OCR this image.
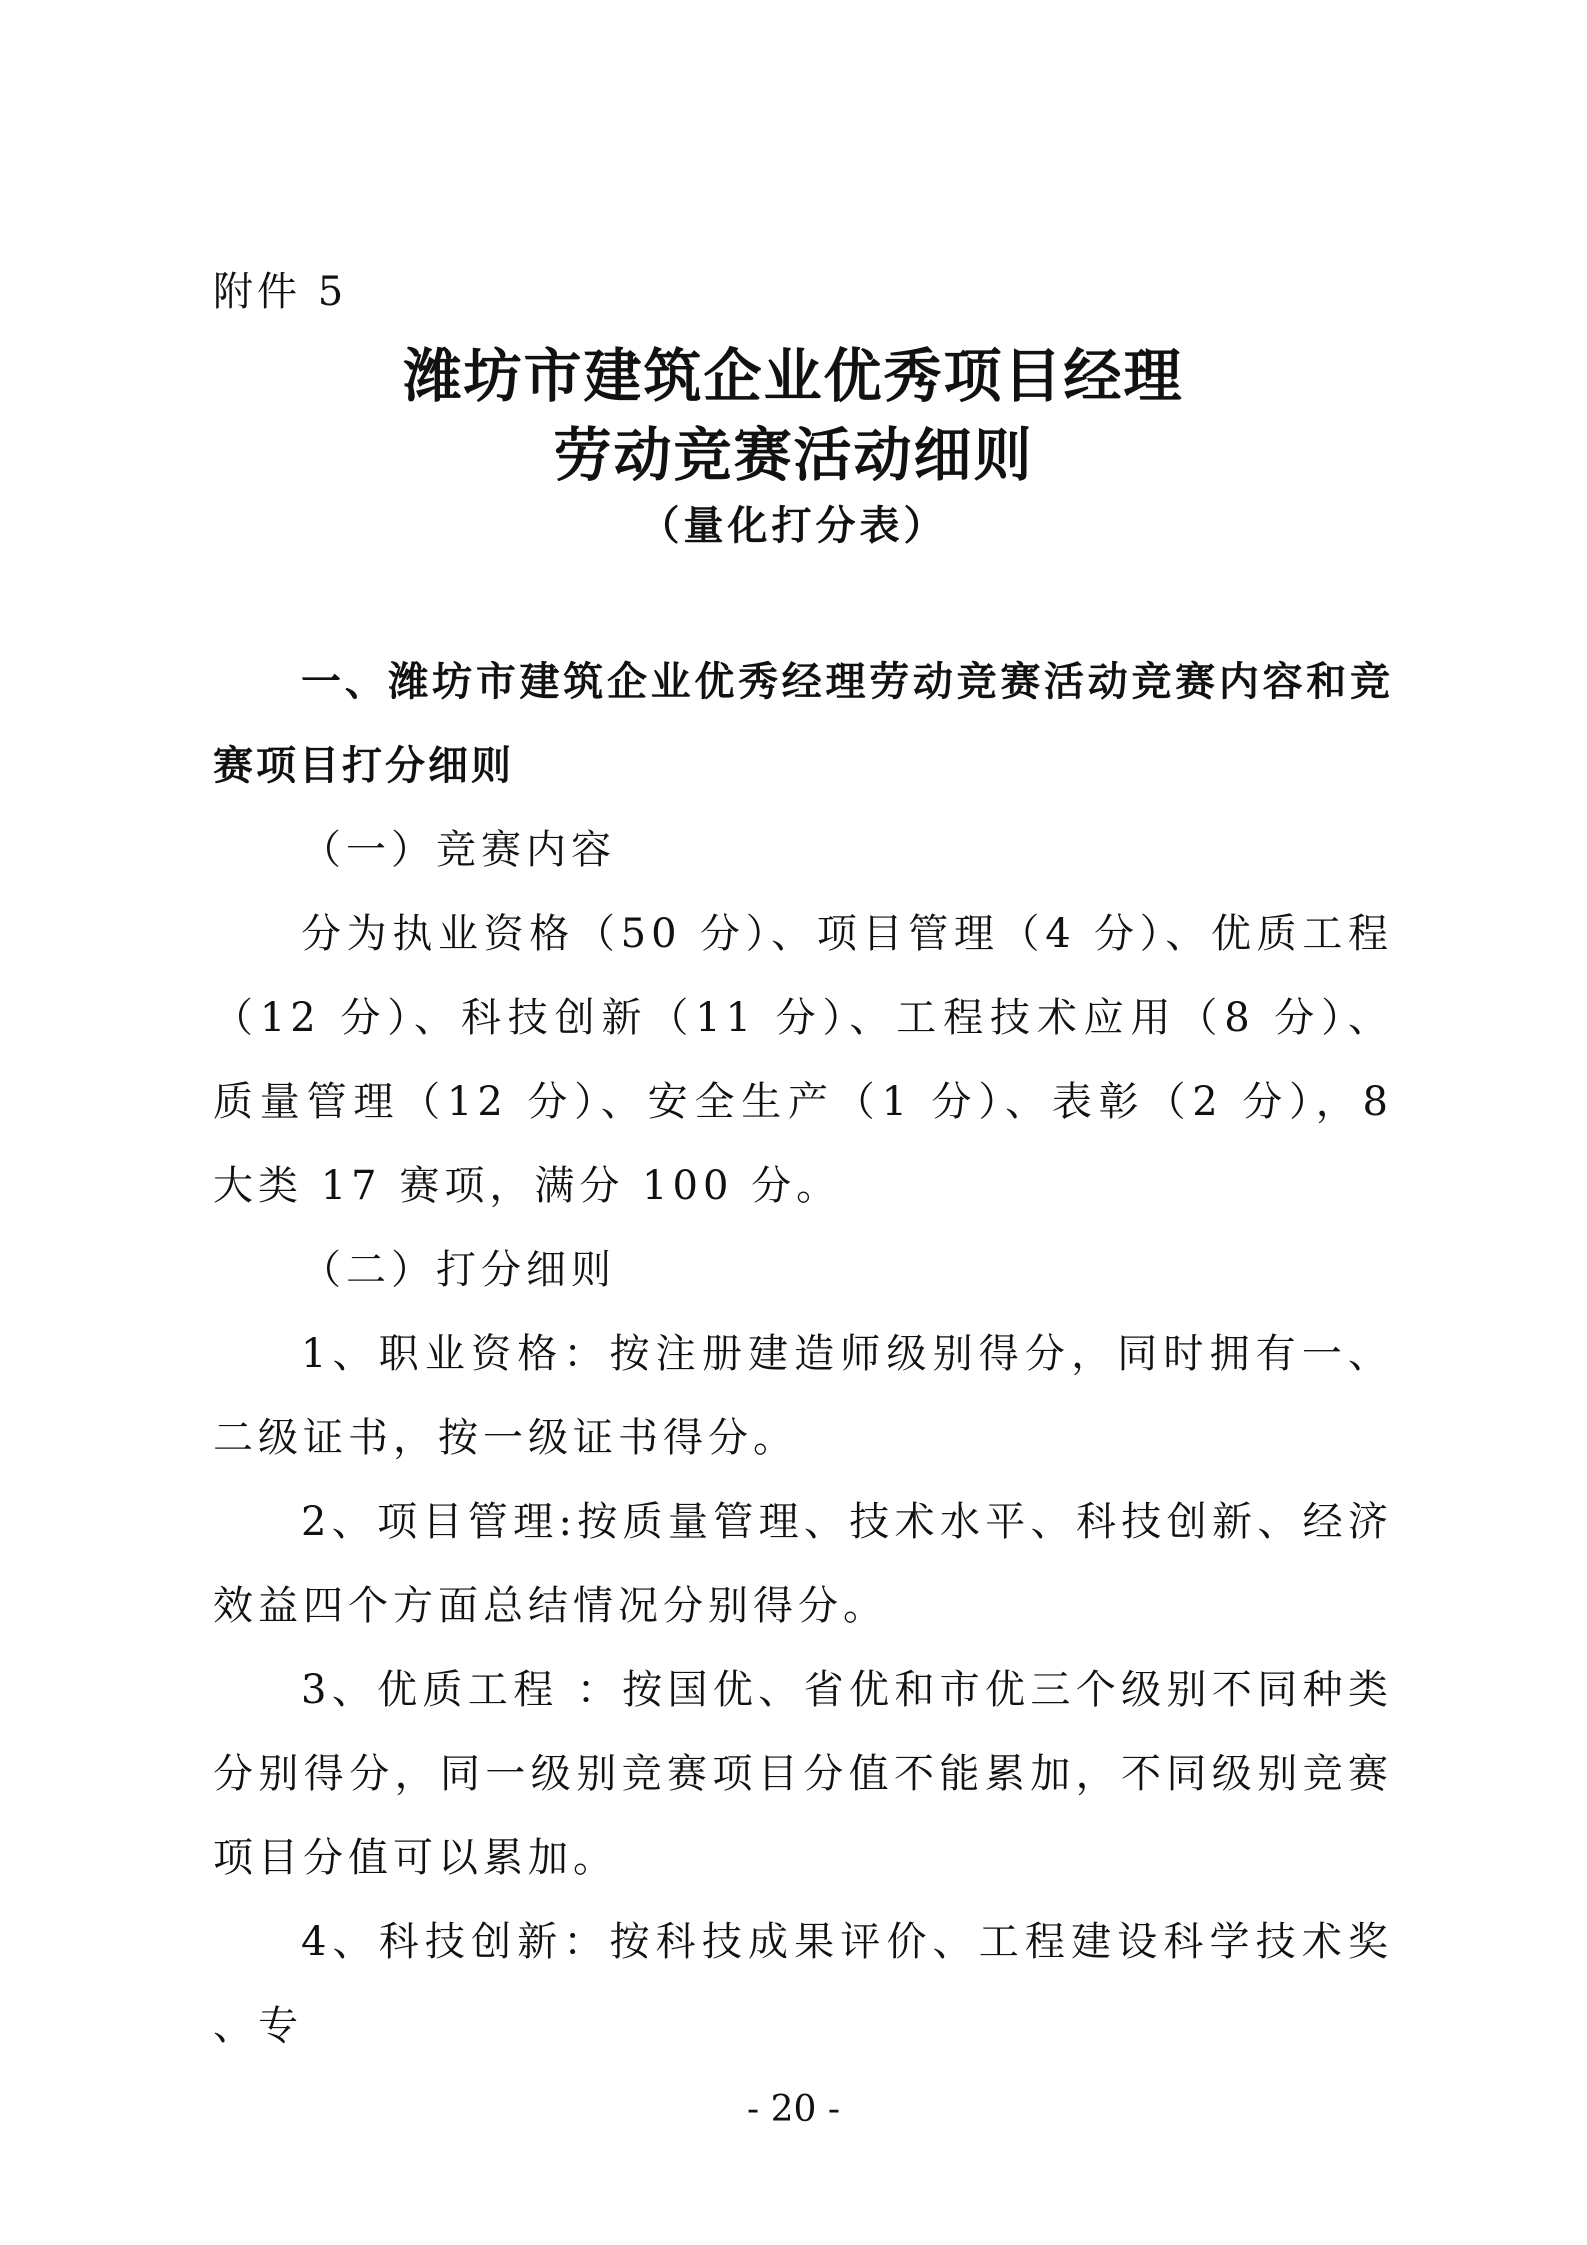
附件 5
潍坊市建筑企业优秀项目经理
劳动竞赛活动细则
（量化打分表）

一、潍坊市建筑企业优秀经理劳动竞赛活动竞赛内容和竞赛项目打分细则

（一）竞赛内容

分为执业资格（50 分）、项目管理（4 分）、优质工程（12 分）、科技创新（11 分）、工程技术应用（8 分）、质量管理（12 分）、安全生产（1 分）、表彰（2 分），8 大类 17 赛项，满分 100 分。

（二）打分细则

1、职业资格：按注册建造师级别得分，同时拥有一、二级证书，按一级证书得分。

2、项目管理:按质量管理、技术水平、科技创新、经济效益四个方面总结情况分别得分。

3、优质工程 ：按国优、省优和市优三个级别不同种类分别得分，同一级别竞赛项目分值不能累加，不同级别竞赛项目分值可以累加。

4、科技创新：按科技成果评价、工程建设科学技术奖 、专

- 20 -
